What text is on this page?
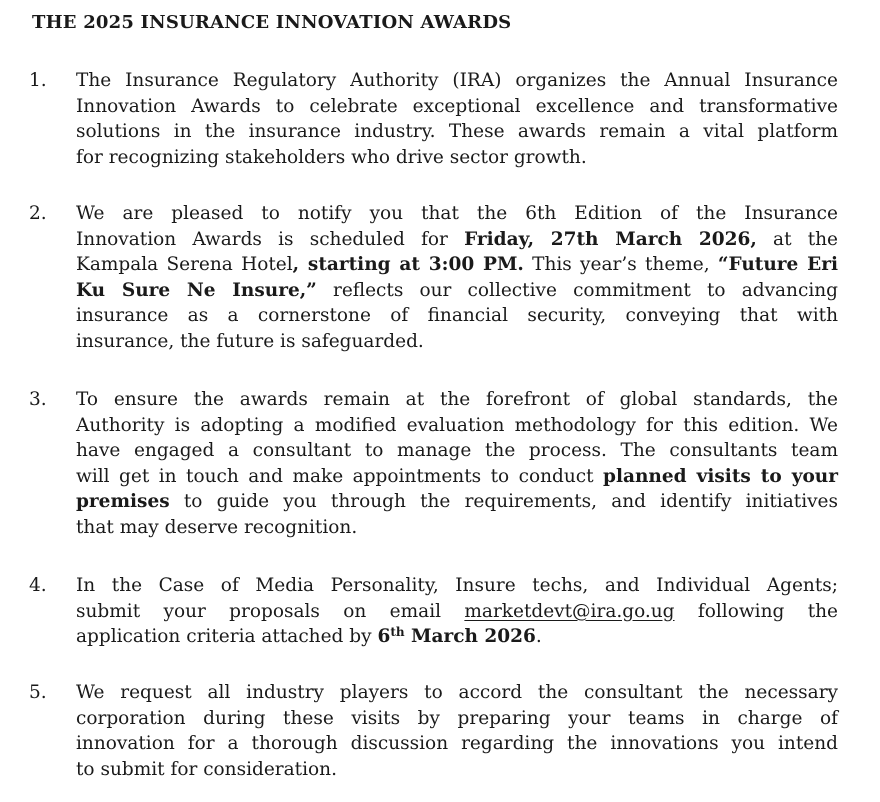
THE 2025 INSURANCE INNOVATION AWARDS
1. The Insurance Regulatory Authority (IRA) organizes the Annual Insurance
Innovation Awards to celebrate exceptional excellence and transformative
solutions in the insurance industry. These awards remain a vital platform
for recognizing stakeholders who drive sector growth.

2. We are pleased to notify you that the 6th Edition of the Insurance
Innovation Awards is scheduled for Friday, 27th March 2026, at the
Kampala Serena Hotel, starting at 3:00 PM. This year’s theme, “Future Eri
Ku Sure Ne Insure,” reflects our collective commitment to advancing
insurance as a cornerstone of financial security, conveying that with
insurance, the future is safeguarded.

3. To ensure the awards remain at the forefront of global standards, the
Authority is adopting a modified evaluation methodology for this edition. We
have engaged a consultant to manage the process. The consultants team
will get in touch and make appointments to conduct planned visits to your
premises to guide you through the requirements, and identify initiatives
that may deserve recognition.

4. In the Case of Media Personality, Insure techs, and Individual Agents;
submit your proposals on email marketdevt@ira.go.ug following the
application criteria attached by 6th March 2026.

5. We request all industry players to accord the consultant the necessary
corporation during these visits by preparing your teams in charge of
innovation for a thorough discussion regarding the innovations you intend
to submit for consideration.
